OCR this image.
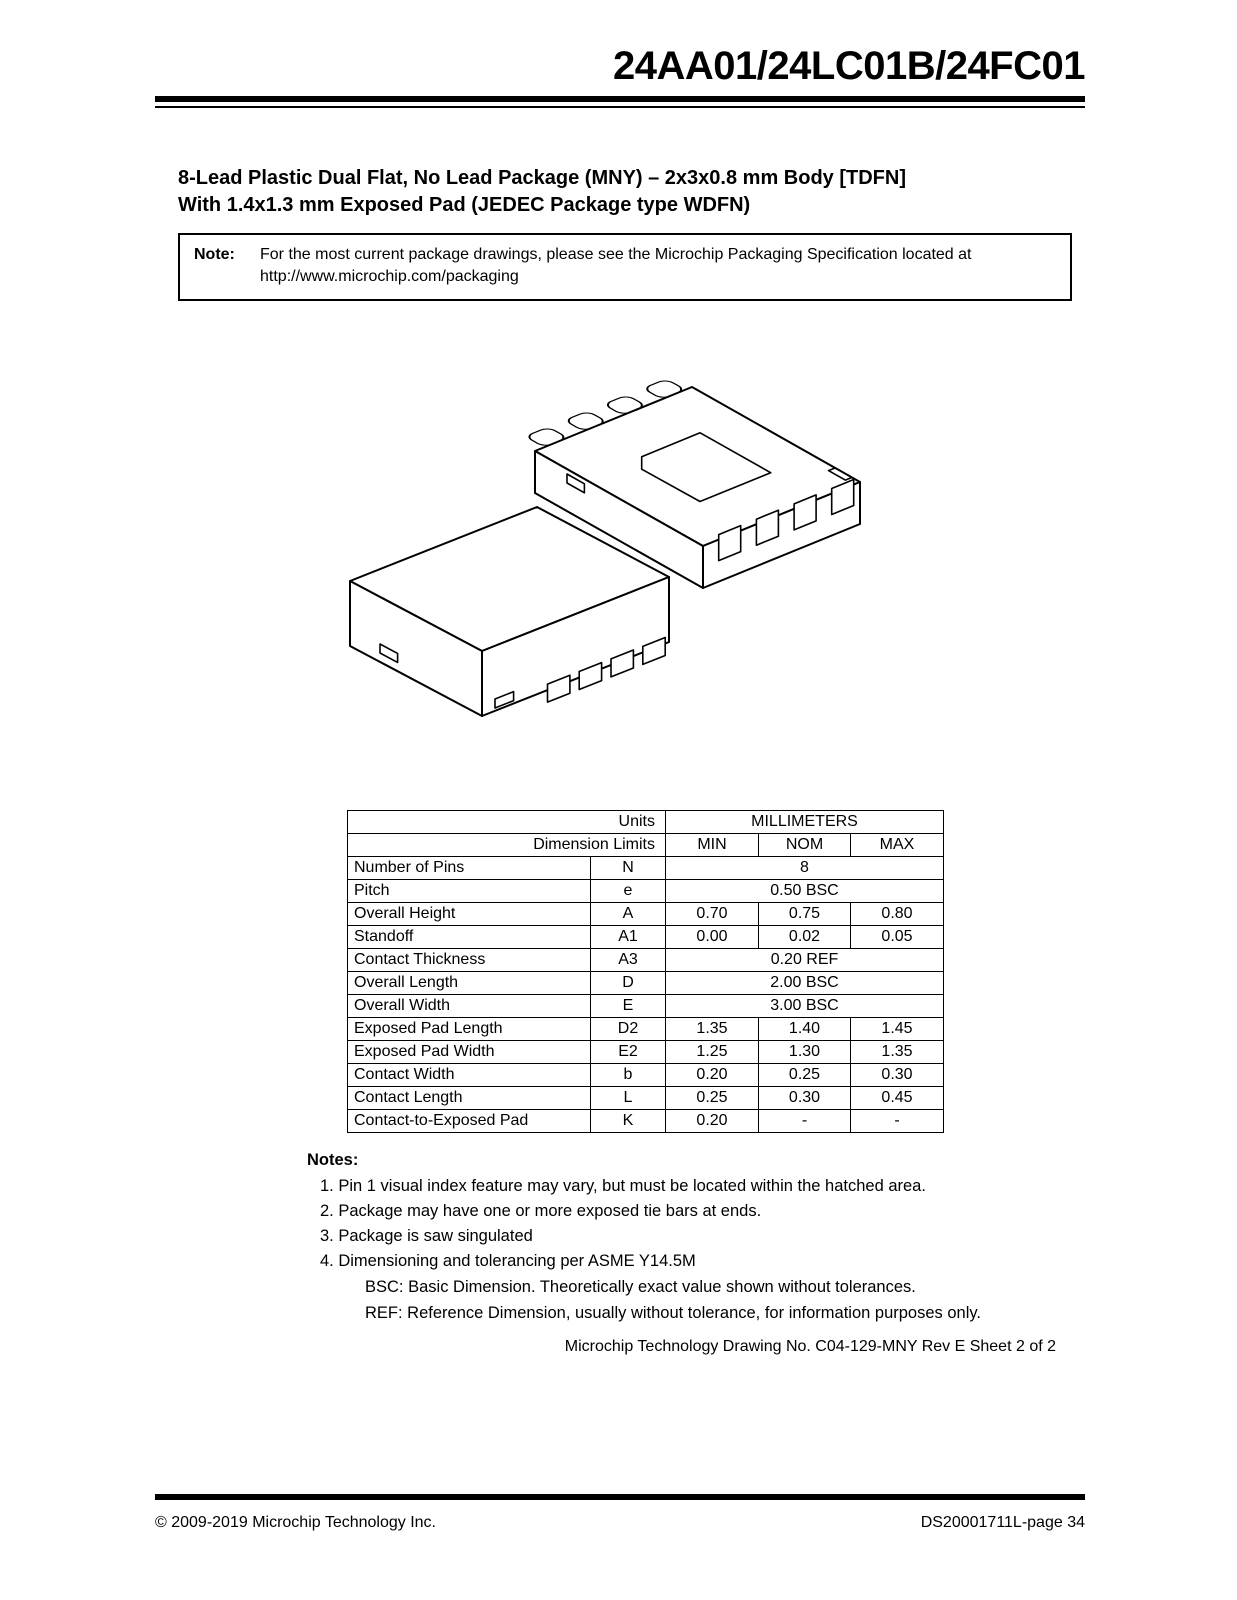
24AA01/24LC01B/24FC01
8-Lead Plastic Dual Flat, No Lead Package (MNY) – 2x3x0.8 mm Body [TDFN]
With 1.4x1.3 mm Exposed Pad (JEDEC Package type WDFN)
Note:	For the most current package drawings, please see the Microchip Packaging Specification located at
http://www.microchip.com/packaging
Units		MILLIMETERS		
Dimension Limits		MIN	NOM	MAX
Number of Pins	N	8		
Pitch	e	0.50 BSC		
Overall Height	A	0.70	0.75	0.80
Standoff	A1	0.00	0.02	0.05
Contact Thickness	A3	0.20 REF		
Overall Length	D	2.00 BSC		
Overall Width	E	3.00 BSC		
Exposed Pad Length	D2	1.35	1.40	1.45
Exposed Pad Width	E2	1.25	1.30	1.35
Contact Width	b	0.20	0.25	0.30
Contact Length	L	0.25	0.30	0.45
Contact-to-Exposed Pad	K	0.20	-	-
Notes:

1. Pin 1 visual index feature may vary, but must be located within the hatched area.

2. Package may have one or more exposed tie bars at ends.

3. Package is saw singulated

4. Dimensioning and tolerancing per ASME Y14.5M

BSC: Basic Dimension. Theoretically exact value shown without tolerances.

REF: Reference Dimension, usually without tolerance, for information purposes only.

Microchip Technology Drawing No. C04-129-MNY Rev E Sheet 2 of 2
© 2009-2019 Microchip Technology Inc.	DS20001711L-page 34
